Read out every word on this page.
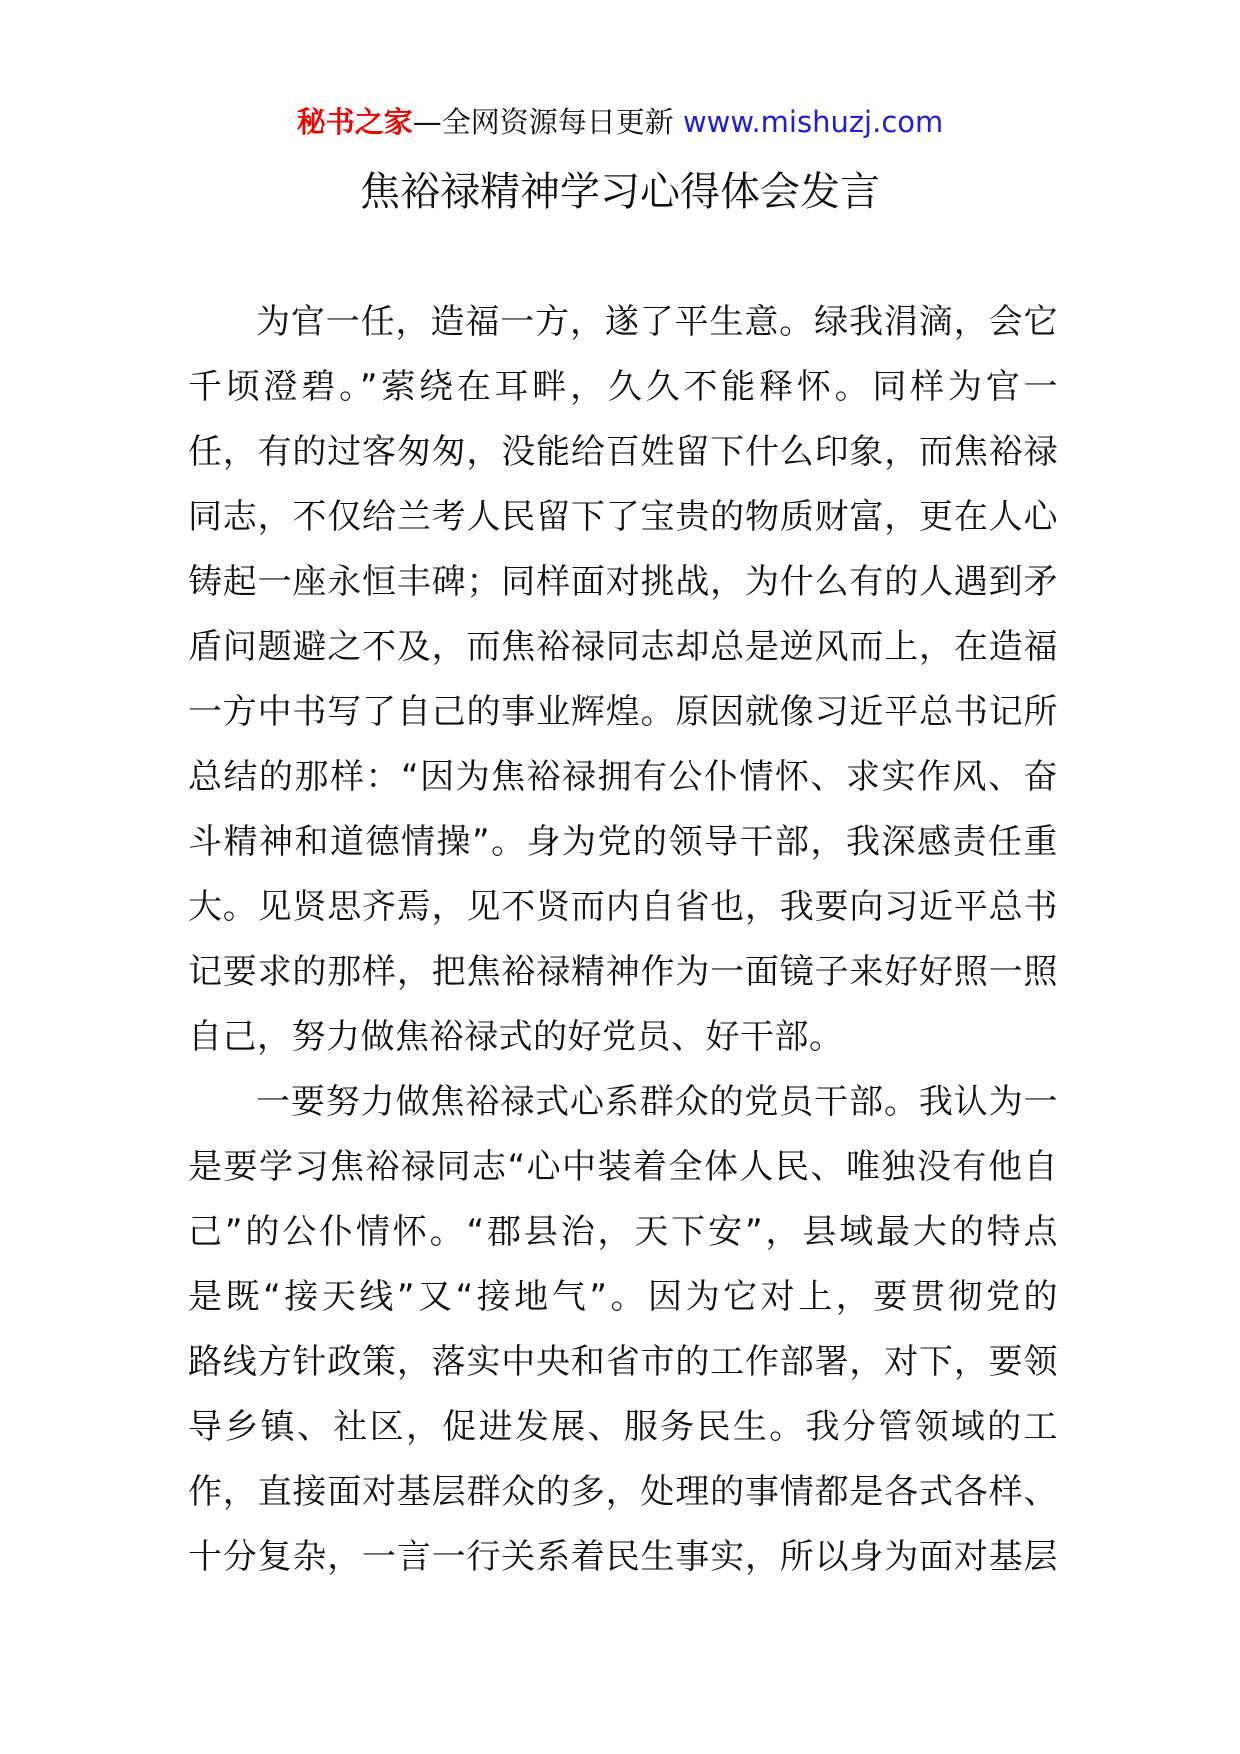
秘书之家—全网资源每日更新 www.mishuzj.com
焦裕禄精神学习心得体会发言
为官一任，造福一方，遂了平生意。绿我涓滴，会它
千顷澄碧。”萦绕在耳畔，久久不能释怀。同样为官一
任，有的过客匆匆，没能给百姓留下什么印象，而焦裕禄
同志，不仅给兰考人民留下了宝贵的物质财富，更在人心
铸起一座永恒丰碑；同样面对挑战，为什么有的人遇到矛
盾问题避之不及，而焦裕禄同志却总是逆风而上，在造福
一方中书写了自己的事业辉煌。原因就像习近平总书记所
总结的那样：“因为焦裕禄拥有公仆情怀、求实作风、奋
斗精神和道德情操”。身为党的领导干部，我深感责任重
大。见贤思齐焉，见不贤而内自省也，我要向习近平总书
记要求的那样，把焦裕禄精神作为一面镜子来好好照一照
自己，努力做焦裕禄式的好党员、好干部。
一要努力做焦裕禄式心系群众的党员干部。我认为一
是要学习焦裕禄同志“心中装着全体人民、唯独没有他自
己”的公仆情怀。“郡县治，天下安”，县域最大的特点
是既“接天线”又“接地气”。因为它对上，要贯彻党的
路线方针政策，落实中央和省市的工作部署，对下，要领
导乡镇、社区，促进发展、服务民生。我分管领域的工
作，直接面对基层群众的多，处理的事情都是各式各样、
十分复杂，一言一行关系着民生事实，所以身为面对基层
